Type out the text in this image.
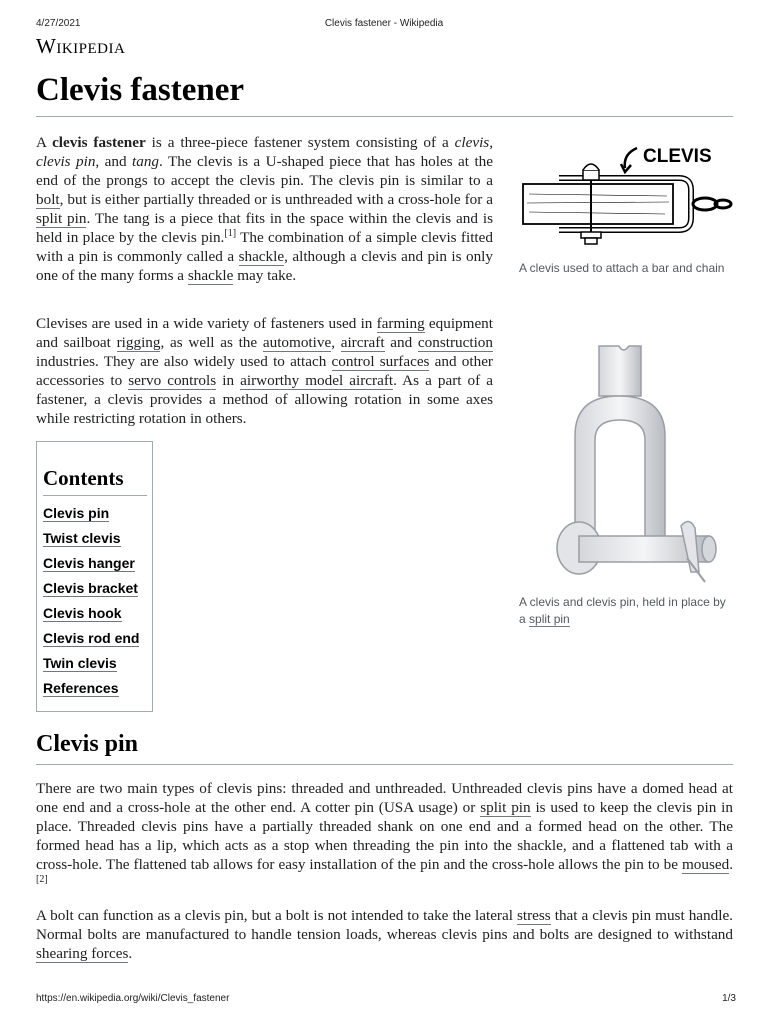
4/27/2021	Clevis fastener - Wikipedia
Wikipedia
Clevis fastener

A clevis fastener is a three-piece fastener system consisting of a clevis, clevis pin, and tang. The clevis is a U-shaped piece that has holes at the end of the prongs to accept the clevis pin. The clevis pin is similar to a bolt, but is either partially threaded or is unthreaded with a cross-hole for a split pin. The tang is a piece that fits in the space within the clevis and is held in place by the clevis pin.[1] The combination of a simple clevis fitted with a pin is commonly called a shackle, although a clevis and pin is only one of the many forms a shackle may take.

Clevises are used in a wide variety of fasteners used in farming equipment and sailboat rigging, as well as the automotive, aircraft and construction industries. They are also widely used to attach control surfaces and other accessories to servo controls in airworthy model aircraft. As a part of a fastener, a clevis provides a method of allowing rotation in some axes while restricting rotation in others.

CLEVIS
A clevis used to attach a bar and chain
A clevis and clevis pin, held in place by a split pin
Contents
Clevis pin
Twist clevis
Clevis hanger
Clevis bracket
Clevis hook
Clevis rod end
Twin clevis
References
Clevis pin

There are two main types of clevis pins: threaded and unthreaded. Unthreaded clevis pins have a domed head at one end and a cross-hole at the other end. A cotter pin (USA usage) or split pin is used to keep the clevis pin in place. Threaded clevis pins have a partially threaded shank on one end and a formed head on the other. The formed head has a lip, which acts as a stop when threading the pin into the shackle, and a flattened tab with a cross-hole. The flattened tab allows for easy installation of the pin and the cross-hole allows the pin to be moused.[2]

A bolt can function as a clevis pin, but a bolt is not intended to take the lateral stress that a clevis pin must handle. Normal bolts are manufactured to handle tension loads, whereas clevis pins and bolts are designed to withstand shearing forces.

https://en.wikipedia.org/wiki/Clevis_fastener	1/3
